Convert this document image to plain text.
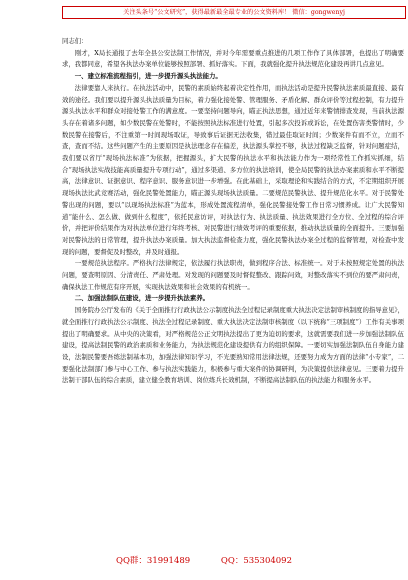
关注头条号“公文研究”，获得最新最全最专业的公文资料库！ 微信：gongwenyj

同志们：

刚才，X局长通报了去年全县公安法制工作情况，并对今年需要重点推进的几项工作作了具体部署，也提出了明确要求，我都同意，希望各执法办案单位能够按照部署、抓好落实。下面，我就强化提升执法规范化建设再讲几点意见。

一、建立标准流程指引，进一步提升源头执法能力。

法律要靠人来执行。在执法活动中，民警的素质始终起着决定性作用，而执法活动是提升民警执法素质最直接、最有效的途径。我们要以提升源头执法质量为目标，着力强化接处警、管理服务、矛盾化解、群众评价等过程控制，有力提升源头执法水平和群众对接处警工作的满意度。一要坚持问题导向，瞄正执法思想，通过近年来警情排查发现，当前执法源头存在着诸多问题，如少数民警在处警时，不能按照执法标准进行处置，引起多次投诉或诉讼，在处置伤害类警情时，少数民警在接警后，不注重第一时间现场取证，导致事后证据无法收集，错过最佳取证时间；少数案件有而不立，立而不查，查而不结。这些问题产生的主要原因是执法理念存在偏差，执法源头掌控不够，执法过程缺乏监督，针对问题症结，我们要以省厅“现场执法标准”为依据，把握源头，扩大民警的执法水平和执法能力作为一项经常性工作抓实抓细，结合“现场执法实战技能高质量提升专项行动”，通过多渠道、多方位的执法培训，使全局民警的执法办案素质和水平不断提高，法律意识、证据意识、程序意识、服务意识进一步增强。在此基础上，采取理论和实践结合的方式，不定期组织开展现场执法比武竞赛活动，强化民警处置能力，瞄正源头现场执法质量。二要规范民警执法、提升规范化水平。对于民警处警出现的问题，要以“以现场执法标准”为蓝本，形成处置流程清单，强化民警接处警工作日常习惯养成。让广大民警知道“能什么、怎么做、做到什么程度”，依托民意访评，对执法行为、执法质量、执法效果进行全方位、全过程的综合评价，并把评价结果作为对执法单位进行年终考核、对民警进行绩效考评的重要依据，推动执法质量的全面提升。三要加强对民警执法的日常管理，提升执法办案质量。加大执法监督检查力度，强化民警执法办案全过程的监督管理，对检查中发现的问题，要督促及时整改，并及时通报。

一要规范执法程序。严格执行法律规定，依法履行执法职责，做到程序合法、标准统一。对于未按照规定处置的执法问题，要查明原因、分清责任、严肃处理。对发现的问题要及时督促整改、跟踪问效，对整改落实不到位的要严肃问责，确保执法工作规范有序开展，实现执法效果和社会效果的有机统一。

二、加强法制队伍建设，进一步提升执法素养。

国务院办公厅发布的《关于全面推行行政执法公示制度执法全过程记录制度重大执法决定法制审核制度的指导意见》，就全面推行行政执法公示制度、执法全过程记录制度、重大执法决定法制审核制度（以下统称“三项制度”）工作有关事项提出了明确要求。从中央的决策看，对严格规范公正文明执法提出了更为迫切的要求，这就需要我们进一步加强法制队伍建设，提高法制民警的政治素质和业务能力，为执法规范化建设提供有力的组织保障。一要切实加强法制队伍自身能力建设，法制民警要吾练法制基本功，加强法律知识学习，不光要熟知常用法律法规，还要努力成为方面的法律“小专家”，二要强化法制部门参与中心工作、参与执法实践能力，积极参与重大案件的协调研判，为决策提供法律意见。三要着力提升法制干部队伍的综合素质，建立健全教育培训、岗位练兵长效机制，不断提高法制队伍的执法能力和服务水平。

QQ群：31991489	QQ：535304092
